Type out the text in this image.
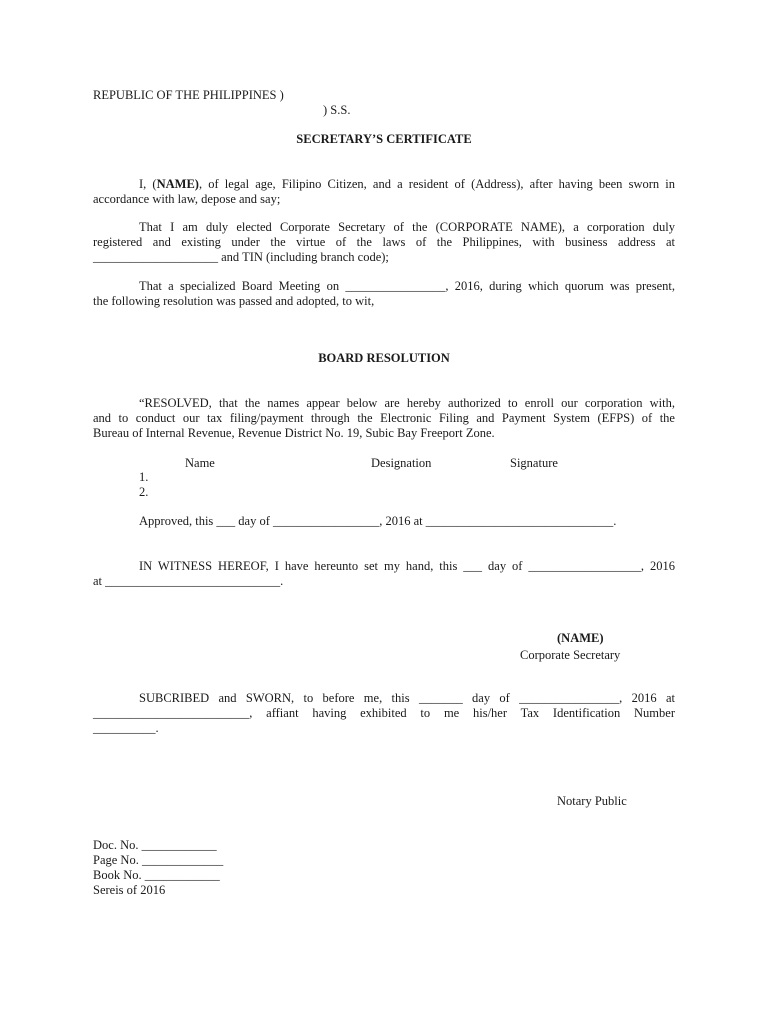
REPUBLIC OF THE PHILIPPINES )
) S.S.
SECRETARY’S CERTIFICATE
I, (NAME), of legal age, Filipino Citizen, and a resident of (Address), after having been sworn in
accordance with law, depose and say;
That I am duly elected Corporate Secretary of the (CORPORATE NAME), a corporation duly
registered and existing under the virtue of the laws of the Philippines, with business address at
____________________ and TIN (including branch code);
That a specialized Board Meeting on ________________, 2016, during which quorum was present,
the following resolution was passed and adopted, to wit,
BOARD RESOLUTION
“RESOLVED, that the names appear below are hereby authorized to enroll our corporation with,
and to conduct our tax filing/payment through the Electronic Filing and Payment System (EFPS) of the
Bureau of Internal Revenue, Revenue District No. 19, Subic Bay Freeport Zone.
Name	Designation	Signature
1.
2.
Approved, this ___ day of _________________, 2016 at ______________________________.
IN WITNESS HEREOF, I have hereunto set my hand, this ___ day of __________________, 2016
at ____________________________.
(NAME)
Corporate Secretary
SUBCRIBED and SWORN, to before me, this _______ day of ________________, 2016 at
_________________________, affiant having exhibited to me his/her Tax Identification Number
__________.
Notary Public
Doc. No. ____________
Page No. _____________
Book No. ____________
Sereis of 2016
